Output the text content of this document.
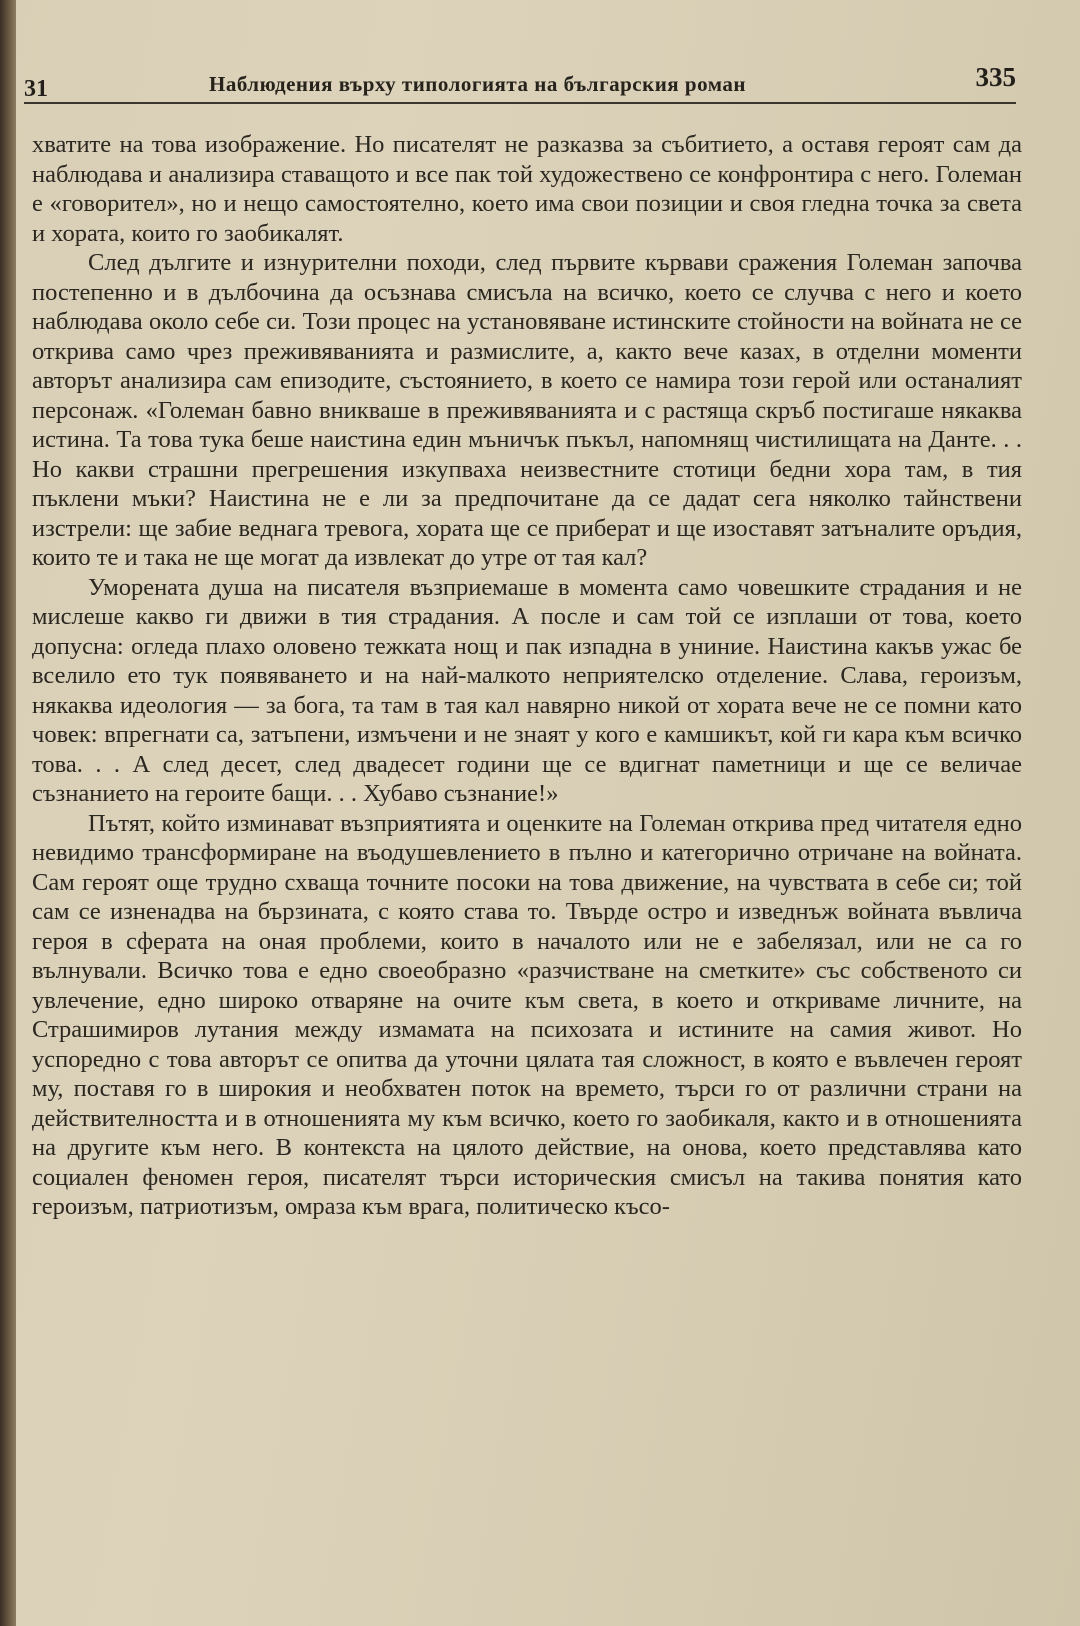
31	Наблюдения върху типологията на българския роман	335

хватите на това изображение. Но писателят не разказва за събитието, а оставя героят сам да наблюдава и анализира ставащото и все пак той художествено се конфронтира с него. Големан е «говорител», но и нещо самостоятелно, което има свои позиции и своя гледна точка за света и хората, които го заобикалят.

След дългите и изнурителни походи, след първите кървави сражения Големан започва постепенно и в дълбочина да осъзнава смисъла на всичко, което се случва с него и което наблюдава около себе си. Този процес на установяване истинските стойности на войната не се открива само чрез преживяванията и размислите, а, както вече казах, в отделни моменти авторът анализира сам епизодите, състоянието, в което се намира този герой или останалият персонаж. «Големан бавно вникваше в преживяванията и с растяща скръб постигаше някаква истина. Та това тука беше наистина един мъничък пъкъл, напомнящ чистилищата на Данте. . . Но какви страшни прегрешения изкупваха неизвестните стотици бедни хора там, в тия пъклени мъки? Наистина не е ли за предпочитане да се дадат сега няколко тайнствени изстрели: ще забие веднага тревога, хората ще се приберат и ще изоставят затъналите оръдия, които те и така не ще могат да извлекат до утре от тая кал?

Уморената душа на писателя възприемаше в момента само човешките страдания и не мислеше какво ги движи в тия страдания. А после и сам той се изплаши от това, което допусна: огледа плахо оловено тежката нощ и пак изпадна в униние. Наистина какъв ужас бе вселило ето тук появяването и на най-малкото неприятелско отделение. Слава, героизъм, някаква идеология — за бога, та там в тая кал навярно никой от хората вече не се помни като човек: впрегнати са, затъпени, измъчени и не знаят у кого е камшикът, кой ги кара към всичко това. . . А след десет, след двадесет години ще се вдигнат паметници и ще се величае съзнанието на героите бащи. . . Хубаво съзнание!»

Пътят, който изминават възприятията и оценките на Големан открива пред читателя едно невидимо трансформиране на въодушевлението в пълно и категорично отричане на войната. Сам героят още трудно схваща точните посоки на това движение, на чувствата в себе си; той сам се изненадва на бързината, с която става то. Твърде остро и изведнъж войната въвлича героя в сферата на оная проблеми, които в началото или не е забелязал, или не са го вълнували. Всичко това е едно своеобразно «разчистване на сметките» със собственото си увлечение, едно широко отваряне на очите към света, в което и откриваме личните, на Страшимиров лутания между измамата на психозата и истините на самия живот. Но успоредно с това авторът се опитва да уточни цялата тая сложност, в която е въвлечен героят му, поставя го в широкия и необхватен поток на времето, търси го от различни страни на действителността и в отношенията му към всичко, което го заобикаля, както и в отношенията на другите към него. В контекста на цялото действие, на онова, което представлява като социален феномен героя, писателят търси историческия смисъл на такива понятия като героизъм, патриотизъм, омраза към врага, политическо късо-
